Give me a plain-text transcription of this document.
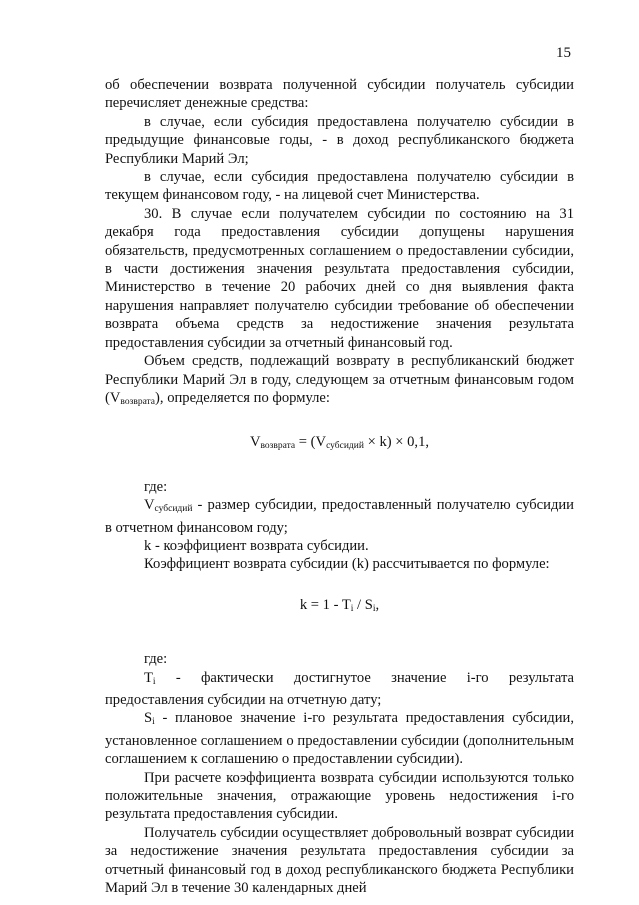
15

об обеспечении возврата полученной субсидии получатель субсидии перечисляет денежные средства:

в случае, если субсидия предоставлена получателю субсидии в предыдущие финансовые годы, - в доход республиканского бюджета Республики Марий Эл;

в случае, если субсидия предоставлена получателю субсидии в текущем финансовом году, - на лицевой счет Министерства.

30. В случае если получателем субсидии по состоянию на 31 декабря года предоставления субсидии допущены нарушения обязательств, предусмотренных соглашением о предоставлении субсидии, в части достижения значения результата предоставления субсидии, Министерство в течение 20 рабочих дней со дня выявления факта нарушения направляет получателю субсидии требование об обеспечении возврата объема средств за недостижение значения результата предоставления субсидии за отчетный финансовый год.

Объем средств, подлежащий возврату в республиканский бюджет Республики Марий Эл в году, следующем за отчетным финансовым годом $(V_{возврата})$, определяется по формуле:

$V_{возврата} = (V_{субсидий} \times k) \times 0,1$,

где:

$V_{субсидий}$ - размер субсидии, предоставленный получателю субсидии в отчетном финансовом году;

k - коэффициент возврата субсидии.

Коэффициент возврата субсидии (k) рассчитывается по формуле:

$k = 1 - T_i / S_i$,

где:

$T_i$ - фактически достигнутое значение i-го результата предоставления субсидии на отчетную дату;

$S_i$ - плановое значение i-го результата предоставления субсидии, установленное соглашением о предоставлении субсидии (дополнительным соглашением к соглашению о предоставлении субсидии).

При расчете коэффициента возврата субсидии используются только положительные значения, отражающие уровень недостижения i-го результата предоставления субсидии.

Получатель субсидии осуществляет добровольный возврат субсидии за недостижение значения результата предоставления субсидии за отчетный финансовый год в доход республиканского бюджета Республики Марий Эл в течение 30 календарных дней
